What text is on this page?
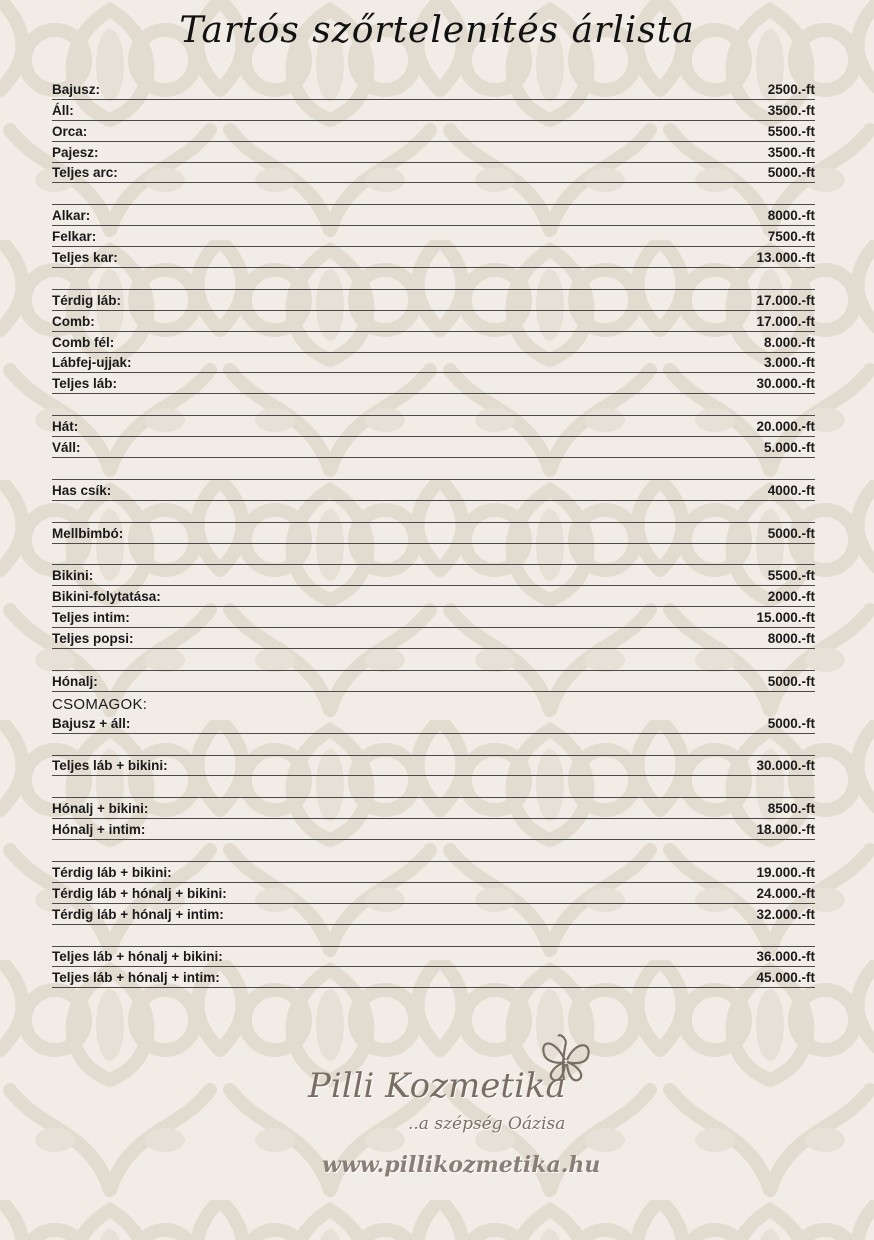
Tartós szőrtelenítés árlista
Bajusz:	2500.-ft
Áll:	3500.-ft
Orca:	5500.-ft
Pajesz:	3500.-ft
Teljes arc:	5000.-ft
Alkar:	8000.-ft
Felkar:	7500.-ft
Teljes kar:	13.000.-ft
Térdig láb:	17.000.-ft
Comb:	17.000.-ft
Comb fél:	8.000.-ft
Lábfej-ujjak:	3.000.-ft
Teljes láb:	30.000.-ft
Hát:	20.000.-ft
Váll:	5.000.-ft
Has csík:	4000.-ft
Mellbimbó:	5000.-ft
Bikini:	5500.-ft
Bikini-folytatása:	2000.-ft
Teljes intim:	15.000.-ft
Teljes popsi:	8000.-ft
Hónalj:	5000.-ft
CSOMAGOK:
Bajusz + áll:	5000.-ft
Teljes láb + bikini:	30.000.-ft
Hónalj + bikini:	8500.-ft
Hónalj + intim:	18.000.-ft
Térdig láb + bikini:	19.000.-ft
Térdig láb + hónalj + bikini:	24.000.-ft
Térdig láb + hónalj + intim:	32.000.-ft
Teljes láb + hónalj + bikini:	36.000.-ft
Teljes láb + hónalj + intim:	45.000.-ft
Pilli Kozmetika
..a szépség Oázisa
www.pillikozmetika.hu
